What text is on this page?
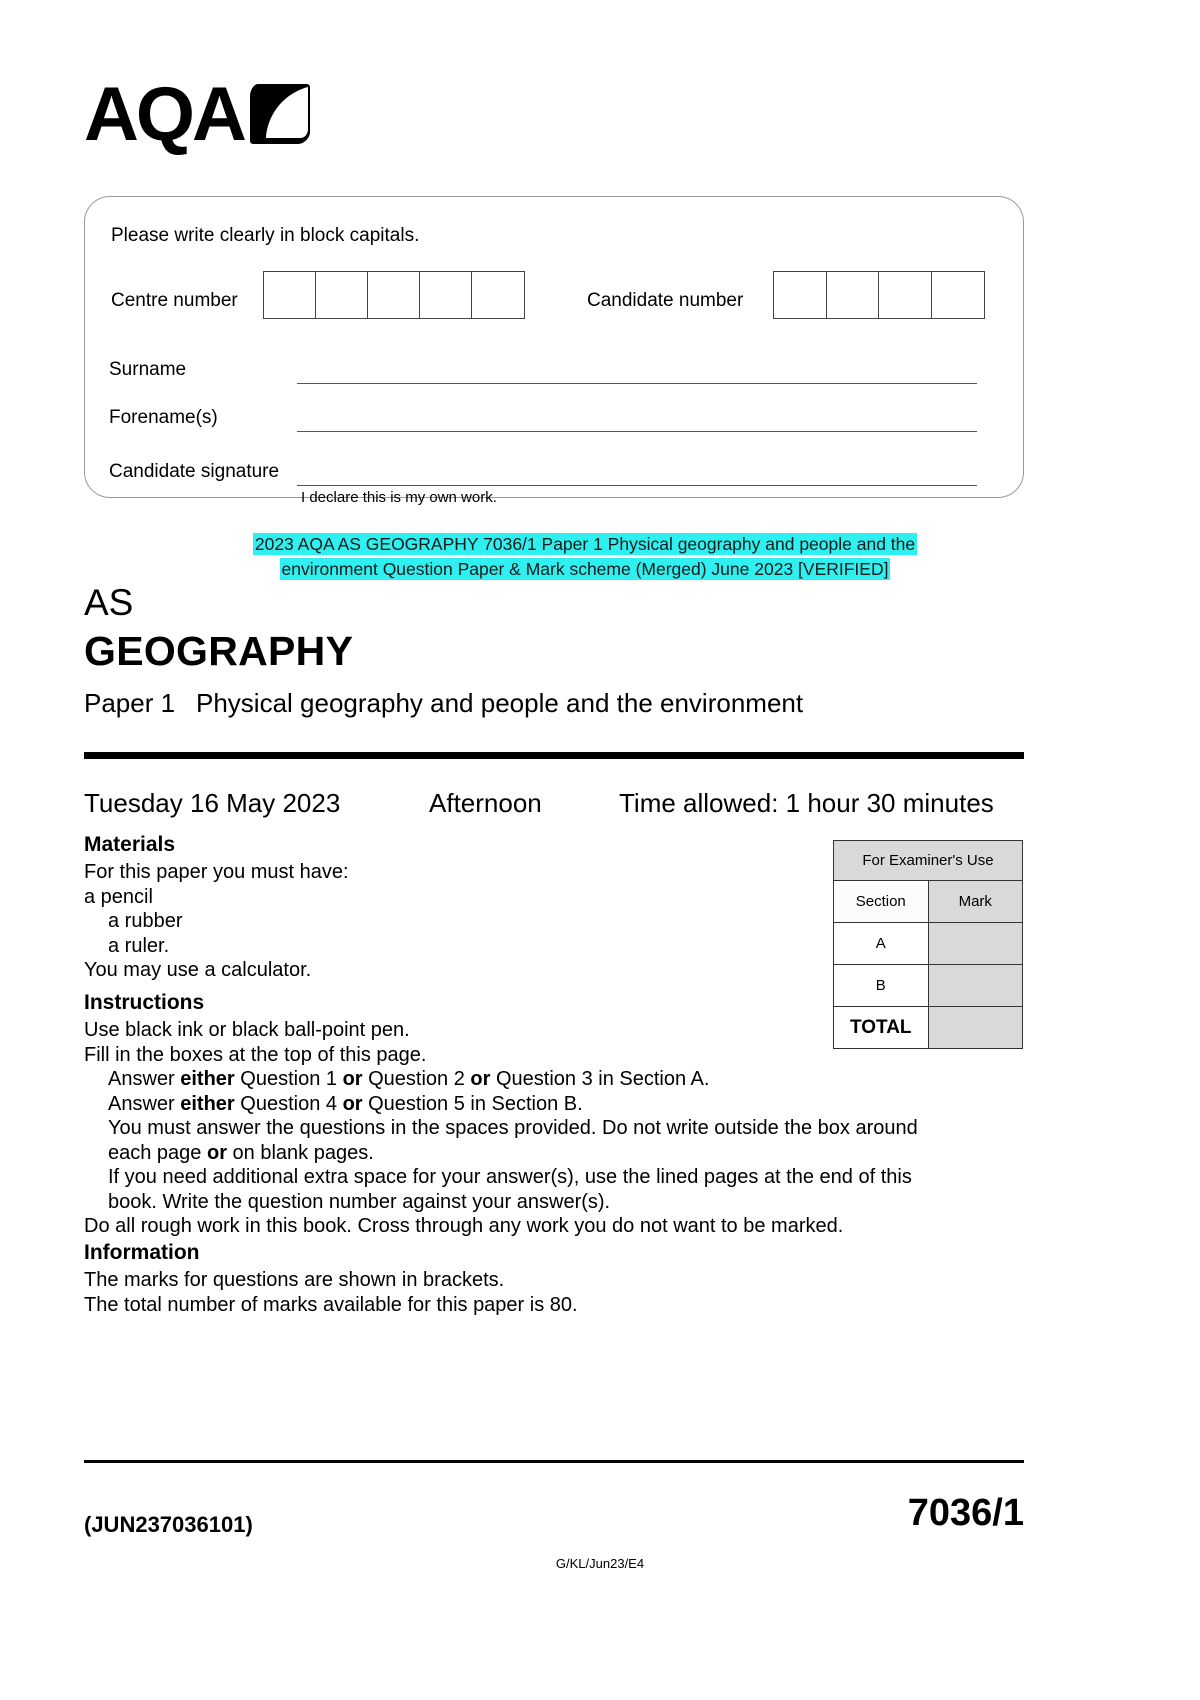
AQA
Please write clearly in block capitals.
Centre number	Candidate number
Surname
Forename(s)
Candidate signature
I declare this is my own work.
2023 AQA AS GEOGRAPHY 7036/1 Paper 1 Physical geography and people and the
environment Question Paper & Mark scheme (Merged) June 2023 [VERIFIED]
AS
GEOGRAPHY
Paper 1 Physical geography and people and the environment
Tuesday 16 May 2023	Afternoon	Time allowed: 1 hour 30 minutes
Materials
For this paper you must have:
a pencil
a rubber
a ruler.
You may use a calculator.
Instructions
Use black ink or black ball-point pen.
Fill in the boxes at the top of this page.
Answer either Question 1 or Question 2 or Question 3 in Section A.
Answer either Question 4 or Question 5 in Section B.
You must answer the questions in the spaces provided. Do not write outside the box around each page or on blank pages.
If you need additional extra space for your answer(s), use the lined pages at the end of this book. Write the question number against your answer(s).
Do all rough work in this book. Cross through any work you do not want to be marked.
Information
The marks for questions are shown in brackets.
The total number of marks available for this paper is 80.
For Examiner's Use	
Section	Mark
A	
B	
TOTAL	
(JUN237036101)	7036/1
G/KL/Jun23/E4
